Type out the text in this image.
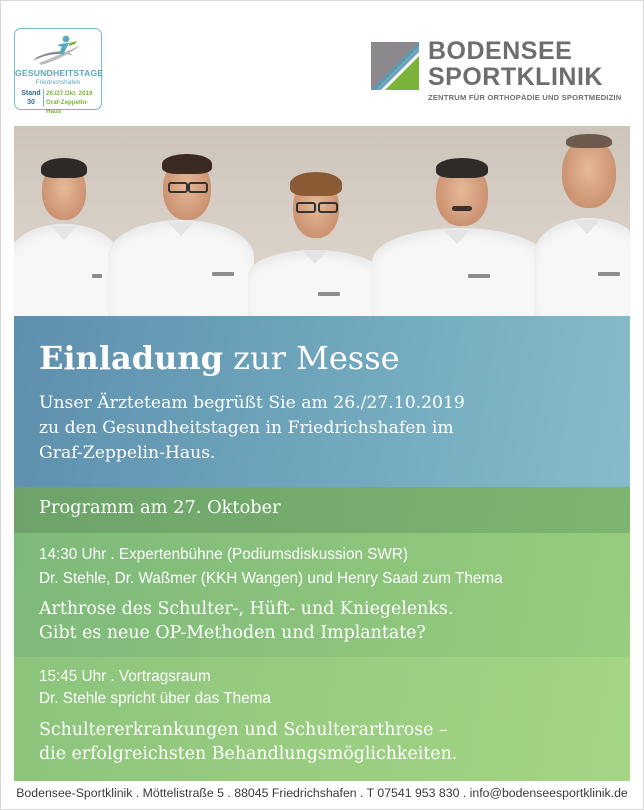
GESUNDHEITSTAGE
Friedrichshafen
Stand
30
26./27.Okt. 2019
Graf-Zeppelin-Haus
BODENSEE
SPORTKLINIK
ZENTRUM FÜR ORTHOPÄDIE UND SPORTMEDIZIN
Einladung zur Messe
Unser Ärzteteam begrüßt Sie am 26./27.10.2019
zu den Gesundheitstagen in Friedrichshafen im
Graf-Zeppelin-Haus.
Programm am 27. Oktober
14:30 Uhr . Expertenbühne (Podiumsdiskussion SWR)
Dr. Stehle, Dr. Waßmer (KKH Wangen) und Henry Saad zum Thema
Arthrose des Schulter-, Hüft- und Kniegelenks.
Gibt es neue OP-Methoden und Implantate?
15:45 Uhr . Vortragsraum
Dr. Stehle spricht über das Thema
Schultererkrankungen und Schulterarthrose –
die erfolgreichsten Behandlungsmöglichkeiten.
Bodensee-Sportklinik . Möttelistraße 5 . 88045 Friedrichshafen . T 07541 953 830 . info@bodenseesportklinik.de
